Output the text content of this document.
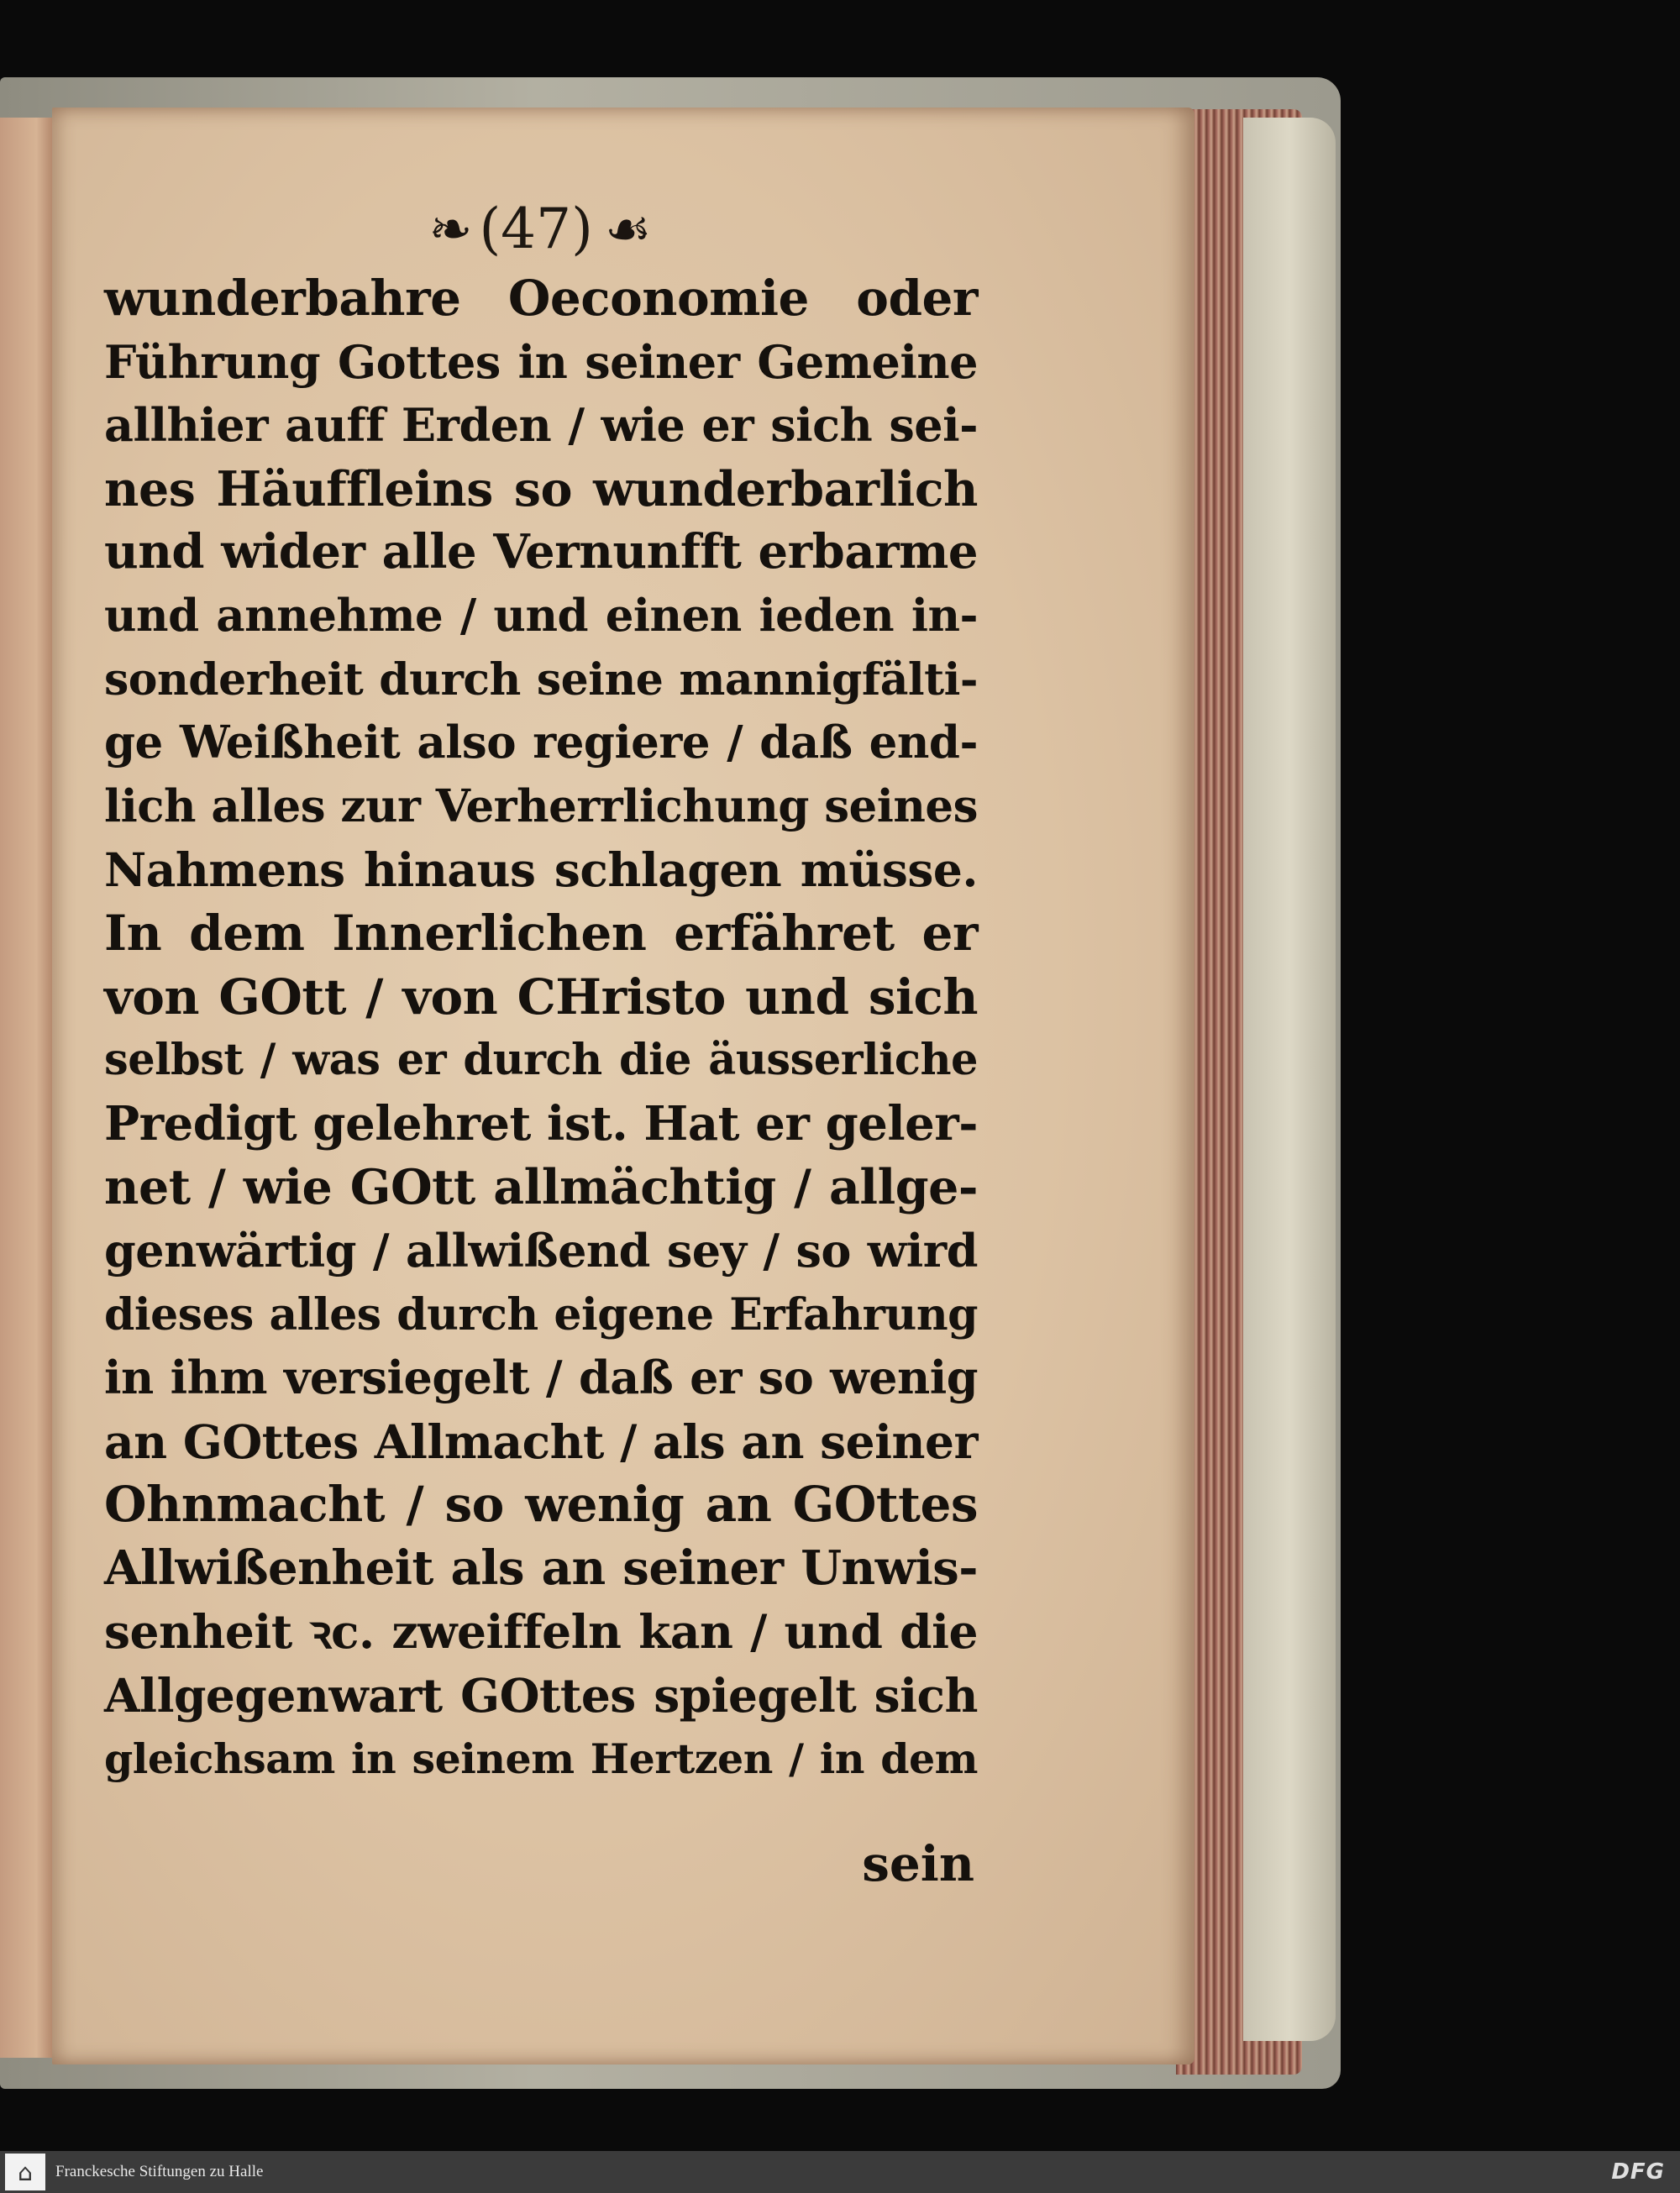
❧ (47) ☙
wunderbahre Oeconomie oder
Führung Gottes in seiner Gemeine
allhier auff Erden / wie er sich sei-
nes Häuffleins so wunderbarlich
und wider alle Vernunfft erbarme
und annehme / und einen ieden in-
sonderheit durch seine mannigfälti-
ge Weißheit also regiere / daß end-
lich alles zur Verherrlichung seines
Nahmens hinaus schlagen müsse.
In dem Innerlichen erfähret er
von GOtt / von CHristo und sich
selbst / was er durch die äusserliche
Predigt gelehret ist. Hat er geler-
net / wie GOtt allmächtig / allge-
genwärtig / allwißend sey / so wird
dieses alles durch eigene Erfahrung
in ihm versiegelt / daß er so wenig
an GOttes Allmacht / als an seiner
Ohnmacht / so wenig an GOttes
Allwißenheit als an seiner Unwis-
senheit ꝛc. zweiffeln kan / und die
Allgegenwart GOttes spiegelt sich
gleichsam in seinem Hertzen / in dem
sein
⌂	Franckesche Stiftungen zu Halle	DFG
